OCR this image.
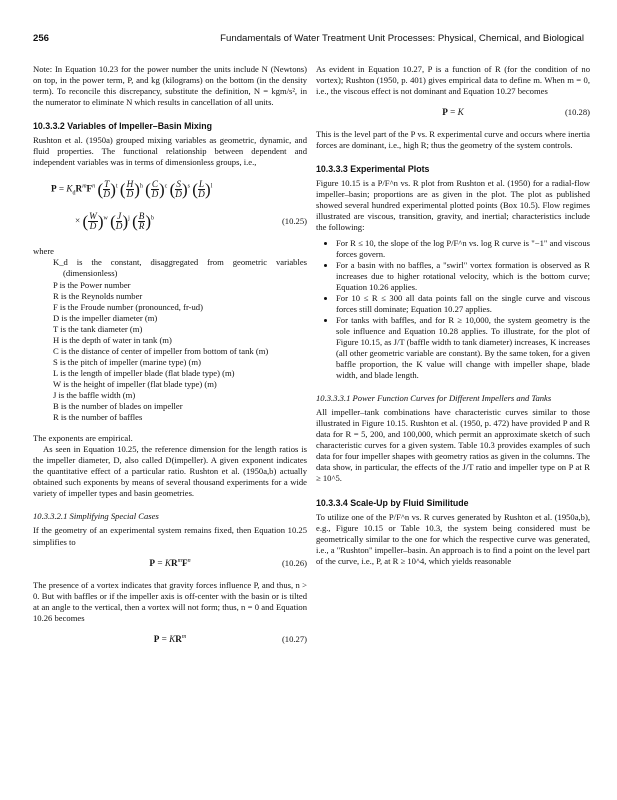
256	Fundamentals of Water Treatment Unit Processes: Physical, Chemical, and Biological

Note: In Equation 10.23 for the power number the units include N (Newtons) on top, in the power term, P, and kg (kilograms) on the bottom (in the density term). To reconcile this discrepancy, substitute the definition, N = kgm/s², in the numerator to eliminate N which results in cancellation of all units.

10.3.3.2 Variables of Impeller–Basin Mixing

Rushton et al. (1950a) grouped mixing variables as geometric, dynamic, and fluid properties. The functional relationship between dependent and independent variables was in terms of dimensionless groups, i.e.,

$P = K_dR^mF^n$ ( $\frac{T}{D} )^t$ ( $\frac{H}{D} )^h$ ( $\frac{C}{D} )^c$ ( $\frac{S}{D} )^s$ ( $\frac{L}{D} )^l$
× ( $\frac{W}{D} )^w$ ( $\frac{J}{D} )^j$ ( $\frac{B}{R} )^b$	(10.25)

where

K_d is the constant, disaggregated from geometric variables (dimensionless)
P is the Power number
R is the Reynolds number
F is the Froude number (pronounced, fr-ud)
D is the impeller diameter (m)
T is the tank diameter (m)
H is the depth of water in tank (m)
C is the distance of center of impeller from bottom of tank (m)
S is the pitch of impeller (marine type) (m)
L is the length of impeller blade (flat blade type) (m)
W is the height of impeller (flat blade type) (m)
J is the baffle width (m)
B is the number of blades on impeller
R is the number of baffles

The exponents are empirical.

As seen in Equation 10.25, the reference dimension for the length ratios is the impeller diameter, D, also called D(impeller). A given exponent indicates the quantitative effect of a particular ratio. Rushton et al. (1950a,b) actually obtained such exponents by means of several thousand experiments for a wide variety of impeller types and basin geometries.

10.3.3.2.1 Simplifying Special Cases

If the geometry of an experimental system remains fixed, then Equation 10.25 simplifies to

$P = KR^mF^n$	(10.26)

The presence of a vortex indicates that gravity forces influence P, and thus, n > 0. But with baffles or if the impeller axis is off-center with the basin or is tilted at an angle to the vertical, then a vortex will not form; thus, n = 0 and Equation 10.26 becomes

$P = KR^m$	(10.27)

As evident in Equation 10.27, P is a function of R (for the condition of no vortex); Rushton (1950, p. 401) gives empirical data to define m. When m = 0, i.e., the viscous effect is not dominant and Equation 10.27 becomes

P = K	(10.28)

This is the level part of the P vs. R experimental curve and occurs where inertia forces are dominant, i.e., high R; thus the geometry of the system controls.

10.3.3.3 Experimental Plots

Figure 10.15 is a P/F^n vs. R plot from Rushton et al. (1950) for a radial-flow impeller–basin; proportions are as given in the plot. The plot as published showed several hundred experimental plotted points (Box 10.5). Flow regimes illustrated are viscous, transition, gravity, and inertial; characteristics include the following:

• For R ≤ 10, the slope of the log P/F^n vs. log R curve is "−1" and viscous forces govern.
• For a basin with no baffles, a "swirl" vortex formation is observed as R increases due to higher rotational velocity, which is the bottom curve; Equation 10.26 applies.
• For 10 ≤ R ≤ 300 all data points fall on the single curve and viscous forces still dominate; Equation 10.27 applies.
• For tanks with baffles, and for R ≥ 10,000, the system geometry is the sole influence and Equation 10.28 applies. To illustrate, for the plot of Figure 10.15, as J/T (baffle width to tank diameter) increases, K increases (all other geometric variable are constant). By the same token, for a given baffle proportion, the K value will change with impeller shape, blade width, and blade length.
10.3.3.3.1 Power Function Curves for Different Impellers and Tanks

All impeller–tank combinations have characteristic curves similar to those illustrated in Figure 10.15. Rushton et al. (1950, p. 472) have provided P and R data for R = 5, 200, and 100,000, which permit an approximate sketch of such characteristic curves for a given system. Table 10.3 provides examples of such data for four impeller shapes with geometry ratios as given in the columns. The data show, in particular, the effects of the J/T ratio and impeller type on P at R ≥ 10^5.

10.3.3.4 Scale-Up by Fluid Similitude

To utilize one of the P/F^n vs. R curves generated by Rushton et al. (1950a,b), e.g., Figure 10.15 or Table 10.3, the system being considered must be geometrically similar to the one for which the respective curve was generated, i.e., a "Rushton" impeller–basin. An approach is to find a point on the level part of the curve, i.e., P, at R ≥ 10^4, which yields reasonable
